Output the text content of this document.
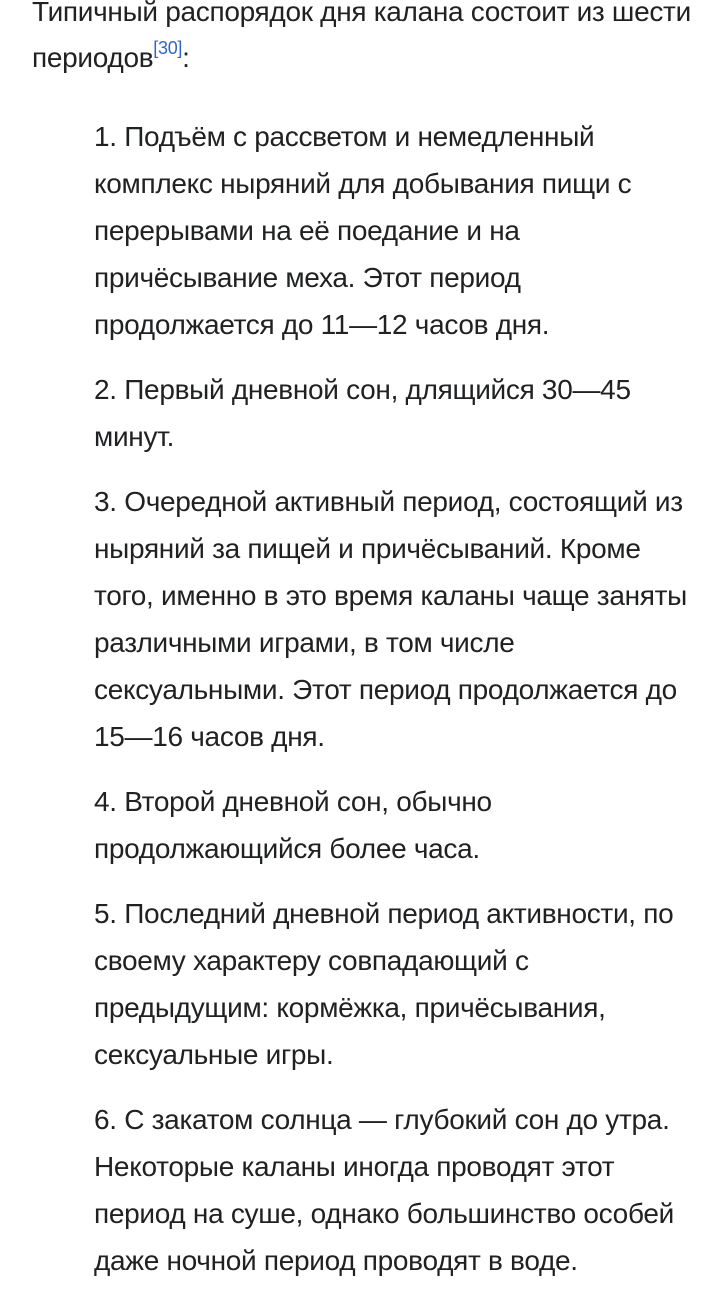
Типичный распорядок дня калана состоит из шести периодов[30]:

1. Подъём с рассветом и немедленный комплекс ныряний для добывания пищи с перерывами на её поедание и на причёсывание меха. Этот период продолжается до 11—12 часов дня.
2. Первый дневной сон, длящийся 30—45 минут.
3. Очередной активный период, состоящий из ныряний за пищей и причёсываний. Кроме того, именно в это время каланы чаще заняты различными играми, в том числе сексуальными. Этот период продолжается до 15—16 часов дня.
4. Второй дневной сон, обычно продолжающийся более часа.
5. Последний дневной период активности, по своему характеру совпадающий с предыдущим: кормёжка, причёсывания, сексуальные игры.
6. С закатом солнца — глубокий сон до утра. Некоторые каланы иногда проводят этот период на суше, однако большинство особей даже ночной период проводят в воде.
